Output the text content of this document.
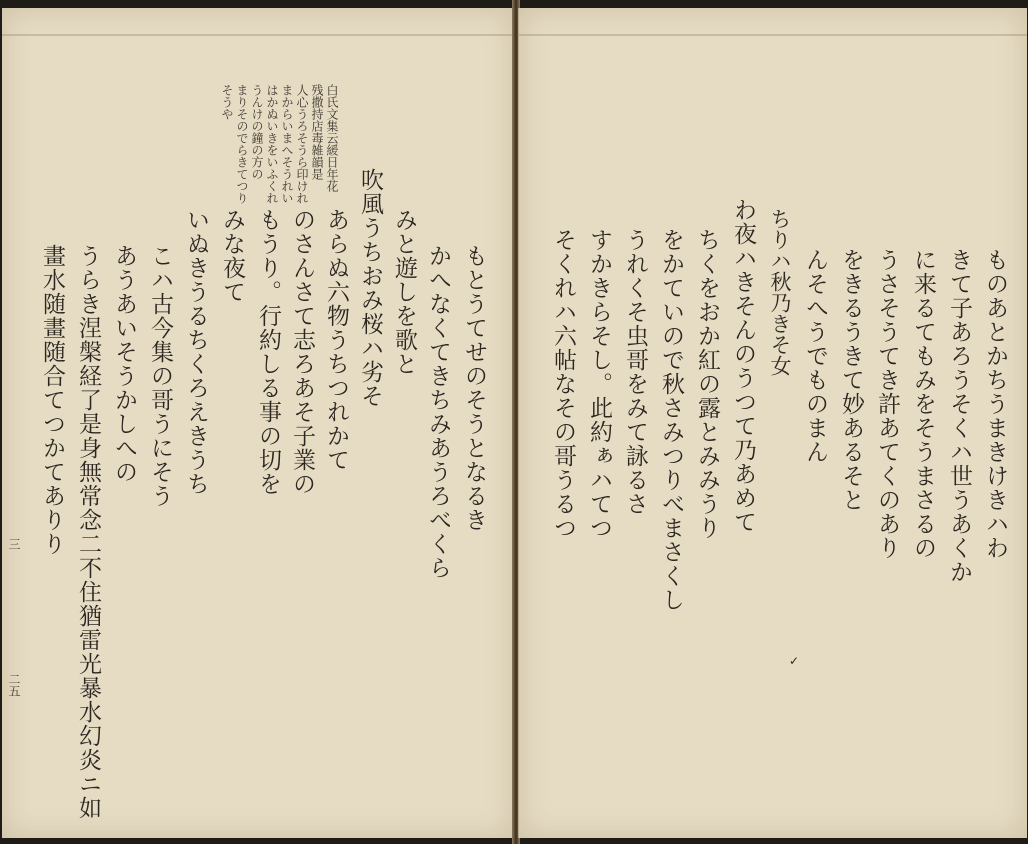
白氏文集云緩日年花
残撒持店毒雑韻是
人心うろそうら印けれ
まからいまへそうれい
はかぬいきをいふくれ
うんけの鐘の方の
まりそのでらきてつり
そうや
もとうてせのそうとなるき
かへなくてきちみあうろべくら
みと遊しを歌と
吹風うちおみ桜ハ劣そ
あらぬ六物うちつれかて
のさんさて志ろあそ子業の
もうり。行約しる事の切を
みな夜て
いぬきうるちくろえきうち
こハ古今集の哥うにそう
あうあいそうかしへの
うらき涅槃経了是身無常念二不住猶雷光暴水幻炎ニ如
畫水随畫随合てつかてありり
三
二五
ものあとかちうまきけきハわ
きて子あろうそくハ世うあくか
に来るてもみをそうまさるの
うさそうてき許あてくのあり
をきるうきて妙あるそと
んそへうでものまん
ちりハ秋乃きそ女
わ夜ハきそんのうつて乃あめて
ちくをおか紅の露とみみうり
をかていので秋さみつりべまさくし
うれくそ虫哥をみて詠るさ
すかきらそし。此約ぁハてつ
そくれハ六帖なその哥うるつ
✓
